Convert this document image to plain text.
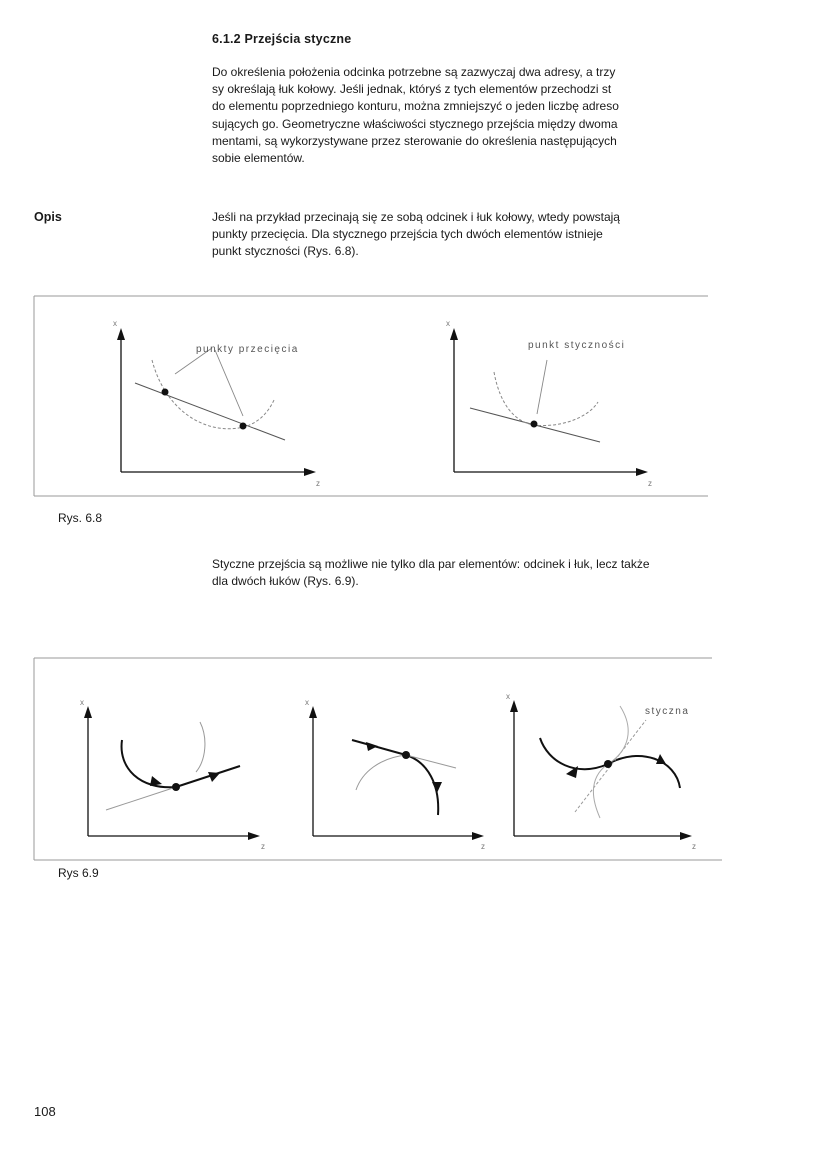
6.1.2 Przejścia styczne
Do określenia położenia odcinka potrzebne są zazwyczaj dwa adresy, a trzy
sy określają łuk kołowy. Jeśli jednak, któryś z tych elementów przechodzi st
do elementu poprzedniego konturu, można zmniejszyć o jeden liczbę adreso
sujących go. Geometryczne właściwości stycznego przejścia między dwoma
mentami, są wykorzystywane przez sterowanie do określenia następujących
sobie elementów.
Opis	Jeśli na przykład przecinają się ze sobą odcinek i łuk kołowy, wtedy powstają
punkty przecięcia. Dla stycznego przejścia tych dwóch elementów istnieje
punkt styczności (Rys. 6.8).
x
z
punkty przecięcia
x
z
punkt styczności
Rys. 6.8
Styczne przejścia są możliwe nie tylko dla par elementów: odcinek i łuk, lecz także
dla dwóch łuków (Rys. 6.9).
x
z
x
z
x
z
styczna
Rys 6.9
108
